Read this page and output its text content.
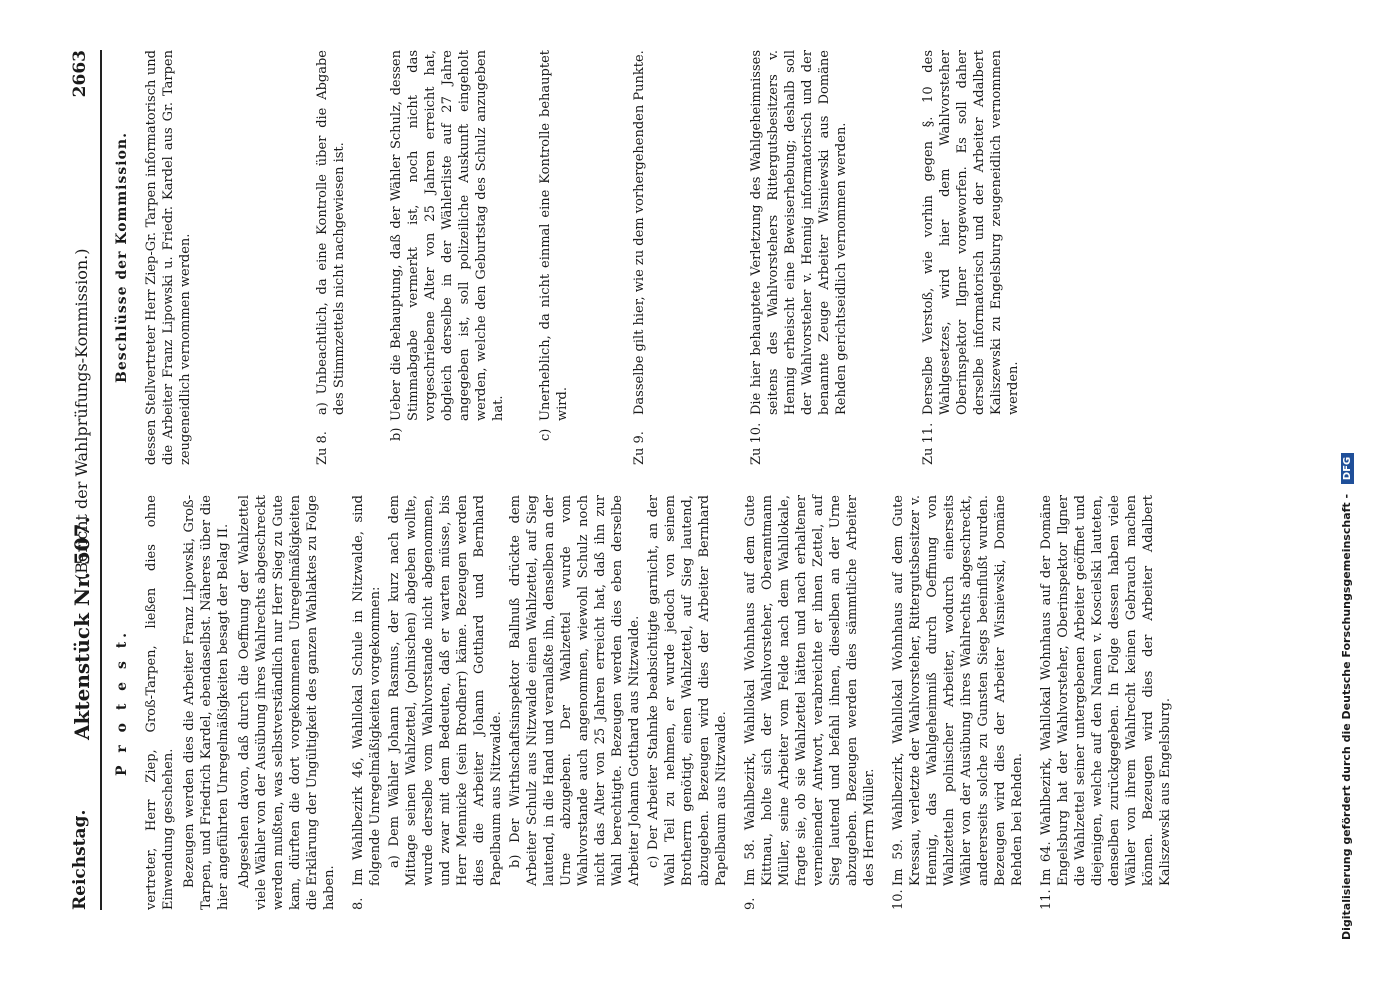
Reichstag.
Aktenstück Nr. 507.
(Bericht der Wahlprüfungs-Kommission.)
2663
P r o t e s t. vertreter, Herr Ziep, Groß-Tarpen, ließen dies ohne Einwendung geschehen. Bezeugen werden dies die Arbeiter Franz Lipowski, Groß-Tarpen, und Friedrich Kardel, ebendaselbst. Näheres über die hier angeführten Unregelmäßigkeiten besagt der Belag II. Abgesehen davon, daß durch die Oeffnung der Wahlzettel viele Wähler von der Ausübung ihres Wahlrechts abgeschreckt werden mußten, was selbstverständlich nur Herr Sieg zu Gute kam, dürften die dort vorgekommenen Unregelmäßigkeiten die Erklärung der Ungültigkeit des ganzen Wahlaktes zu Folge haben. 8.
Im Wahlbezirk 46, Wahllokal Schule in Nitzwalde, sind folgende Unregelmäßigkeiten vorgekommen: a) Dem Wähler Johann Rasmus, der kurz nach dem Mittage seinen Wahlzettel, (polnischen) abgeben wollte, wurde derselbe vom Wahlvorstande nicht abgenommen, und zwar mit dem Bedeuten, daß er warten müsse, bis Herr Mennicke (sein Brodherr) käme. Bezeugen werden dies die Arbeiter Johann Gotthard und Bernhard Papelbaum aus Nitzwalde. b) Der Wirthschaftsinspektor Ballnuß drückte dem Arbeiter Schulz aus Nitzwalde einen Wahlzettel, auf Sieg lautend, in die Hand und veranlaßte ihn, denselben an der Urne abzugeben. Der Wahlzettel wurde vom Wahlvorstande auch angenommen, wiewohl Schulz noch nicht das Alter von 25 Jahren erreicht hat, daß ihn zur Wahl berechtigte. Bezeugen werden dies eben derselbe Arbeiter Johann Gotthard aus Nitzwalde. c) Der Arbeiter Stahnke beabsichtigte garnicht, an der Wahl Teil zu nehmen, er wurde jedoch von seinem Brotherrn genötigt, einen Wahlzettel, auf Sieg lautend, abzugeben. Bezeugen wird dies der Arbeiter Bernhard Papelbaum aus Nitzwalde.

9.
Im 58. Wahlbezirk, Wahllokal Wohnhaus auf dem Gute Kittnau, holte sich der Wahlvorsteher, Oberamtmann Müller, seine Arbeiter vom Felde nach dem Wahllokale, fragte sie, ob sie Wahlzettel hätten und nach erhaltener verneinender Antwort, verabreichte er ihnen Zettel, auf Sieg lautend und befahl ihnen, dieselben an der Urne abzugeben. Bezeugen werden dies sämmtliche Arbeiter des Herrn Müller.
10.
Im 59. Wahlbezirk, Wahllokal Wohnhaus auf dem Gute Kressau, verletzte der Wahlvorsteher, Rittergutsbesitzer v. Hennig, das Wahlgeheimniß durch Oeffnung von Wahlzetteln polnischer Arbeiter, wodurch einerseits Wähler von der Ausübung ihres Wahlrechts abgeschreckt, andererseits solche zu Gunsten Siegs beeinflußt wurden. Bezeugen wird dies der Arbeiter Wisniewski, Domäne Rehden bei Rehden.
11.
Im 64. Wahlbezirk, Wahllokal Wohnhaus auf der Domäne Engelsburg hat der Wahlvorsteher, Oberinspektor Ilgner die Wahlzettel seiner untergebenen Arbeiter geöffnet und diejenigen, welche auf den Namen v. Koscielski lauteten, denselben zurückgegeben. In Folge dessen haben viele Wähler von ihrem Wahlrecht keinen Gebrauch machen können. Bezeugen wird dies der Arbeiter Adalbert Kaliszewski aus Engelsburg.
Beschlüsse der Kommission. dessen Stellvertreter Herr Ziep-Gr. Tarpen informatorisch und die Arbeiter Franz Lipowski u. Friedr. Kardel aus Gr. Tarpen zeugeneidlich vernommen werden.	Zu 8.
a) Unbeachtlich, da eine Kontrolle über die Abgabe des Stimmzettels nicht nachgewiesen ist.
b)
Ueber die Behauptung, daß der Wähler Schulz, dessen Stimmabgabe vermerkt ist, noch nicht das vorgeschriebene Alter von 25 Jahren erreicht hat, obgleich derselbe in der Wählerliste auf 27 Jahre angegeben ist, soll polizeiliche Auskunft eingeholt werden, welche den Geburtstag des Schulz anzugeben hat.
c)
Unerheblich, da nicht einmal eine Kontrolle behauptet wird.
Zu 9.
Dasselbe gilt hier, wie zu dem vorhergehenden Punkte.
Zu 10.
Die hier behauptete Verletzung des Wahlgeheimnisses seitens des Wahlvorstehers Rittergutsbesitzers v. Hennig erheischt eine Beweiserhebung; deshalb soll der Wahlvorsteher v. Hennig informatorisch und der benannte Zeuge Arbeiter Wisniewski aus Domäne Rehden gerichtseidlich vernommen werden.
Zu 11.
Derselbe Verstoß, wie vorhin gegen §. 10 des Wahlgesetzes, wird hier dem Wahlvorsteher Oberinspektor Ilgner vorgeworfen. Es soll daher derselbe informatorisch und der Arbeiter Adalbert Kaliszewski zu Engelsburg zeugeneidlich vernommen werden.
Digitalisierung gefördert durch die Deutsche Forschungsgemeinschaft - DFG
